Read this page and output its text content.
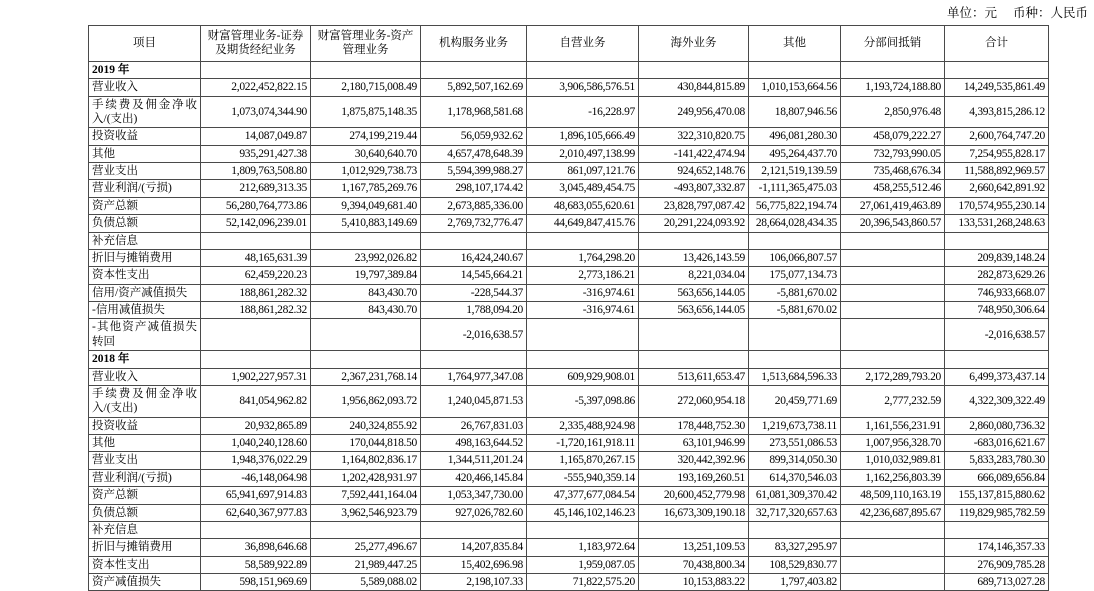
单位：元 币种：人民币
项目	财富管理业务-证券及期货经纪业务	财富管理业务-资产管理业务	机构服务业务	自营业务	海外业务	其他	分部间抵销	合计
2019 年								
营业收入	2,022,452,822.15	2,180,715,008.49	5,892,507,162.69	3,906,586,576.51	430,844,815.89	1,010,153,664.56	1,193,724,188.80	14,249,535,861.49
手续费及佣金净收入/(支出)	1,073,074,344.90	1,875,875,148.35	1,178,968,581.68	-16,228.97	249,956,470.08	18,807,946.56	2,850,976.48	4,393,815,286.12
投资收益	14,087,049.87	274,199,219.44	56,059,932.62	1,896,105,666.49	322,310,820.75	496,081,280.30	458,079,222.27	2,600,764,747.20
其他	935,291,427.38	30,640,640.70	4,657,478,648.39	2,010,497,138.99	-141,422,474.94	495,264,437.70	732,793,990.05	7,254,955,828.17
营业支出	1,809,763,508.80	1,012,929,738.73	5,594,399,988.27	861,097,121.76	924,652,148.76	2,121,519,139.59	735,468,676.34	11,588,892,969.57
营业利润/(亏损)	212,689,313.35	1,167,785,269.76	298,107,174.42	3,045,489,454.75	-493,807,332.87	-1,111,365,475.03	458,255,512.46	2,660,642,891.92
资产总额	56,280,764,773.86	9,394,049,681.40	2,673,885,336.00	48,683,055,620.61	23,828,797,087.42	56,775,822,194.74	27,061,419,463.89	170,574,955,230.14
负债总额	52,142,096,239.01	5,410,883,149.69	2,769,732,776.47	44,649,847,415.76	20,291,224,093.92	28,664,028,434.35	20,396,543,860.57	133,531,268,248.63
补充信息								
折旧与摊销费用	48,165,631.39	23,992,026.82	16,424,240.67	1,764,298.20	13,426,143.59	106,066,807.57		209,839,148.24
资本性支出	62,459,220.23	19,797,389.84	14,545,664.21	2,773,186.21	8,221,034.04	175,077,134.73		282,873,629.26
信用/资产减值损失	188,861,282.32	843,430.70	-228,544.37	-316,974.61	563,656,144.05	-5,881,670.02		746,933,668.07
-信用减值损失	188,861,282.32	843,430.70	1,788,094.20	-316,974.61	563,656,144.05	-5,881,670.02		748,950,306.64
-其他资产减值损失转回			-2,016,638.57					-2,016,638.57
2018 年								
营业收入	1,902,227,957.31	2,367,231,768.14	1,764,977,347.08	609,929,908.01	513,611,653.47	1,513,684,596.33	2,172,289,793.20	6,499,373,437.14
手续费及佣金净收入/(支出)	841,054,962.82	1,956,862,093.72	1,240,045,871.53	-5,397,098.86	272,060,954.18	20,459,771.69	2,777,232.59	4,322,309,322.49
投资收益	20,932,865.89	240,324,855.92	26,767,831.03	2,335,488,924.98	178,448,752.30	1,219,673,738.11	1,161,556,231.91	2,860,080,736.32
其他	1,040,240,128.60	170,044,818.50	498,163,644.52	-1,720,161,918.11	63,101,946.99	273,551,086.53	1,007,956,328.70	-683,016,621.67
营业支出	1,948,376,022.29	1,164,802,836.17	1,344,511,201.24	1,165,870,267.15	320,442,392.96	899,314,050.30	1,010,032,989.81	5,833,283,780.30
营业利润/(亏损)	-46,148,064.98	1,202,428,931.97	420,466,145.84	-555,940,359.14	193,169,260.51	614,370,546.03	1,162,256,803.39	666,089,656.84
资产总额	65,941,697,914.83	7,592,441,164.04	1,053,347,730.00	47,377,677,084.54	20,600,452,779.98	61,081,309,370.42	48,509,110,163.19	155,137,815,880.62
负债总额	62,640,367,977.83	3,962,546,923.79	927,026,782.60	45,146,102,146.23	16,673,309,190.18	32,717,320,657.63	42,236,687,895.67	119,829,985,782.59
补充信息								
折旧与摊销费用	36,898,646.68	25,277,496.67	14,207,835.84	1,183,972.64	13,251,109.53	83,327,295.97		174,146,357.33
资本性支出	58,589,922.89	21,989,447.25	15,402,696.98	1,959,087.05	70,438,800.34	108,529,830.77		276,909,785.28
资产减值损失	598,151,969.69	5,589,088.02	2,198,107.33	71,822,575.20	10,153,883.22	1,797,403.82		689,713,027.28
